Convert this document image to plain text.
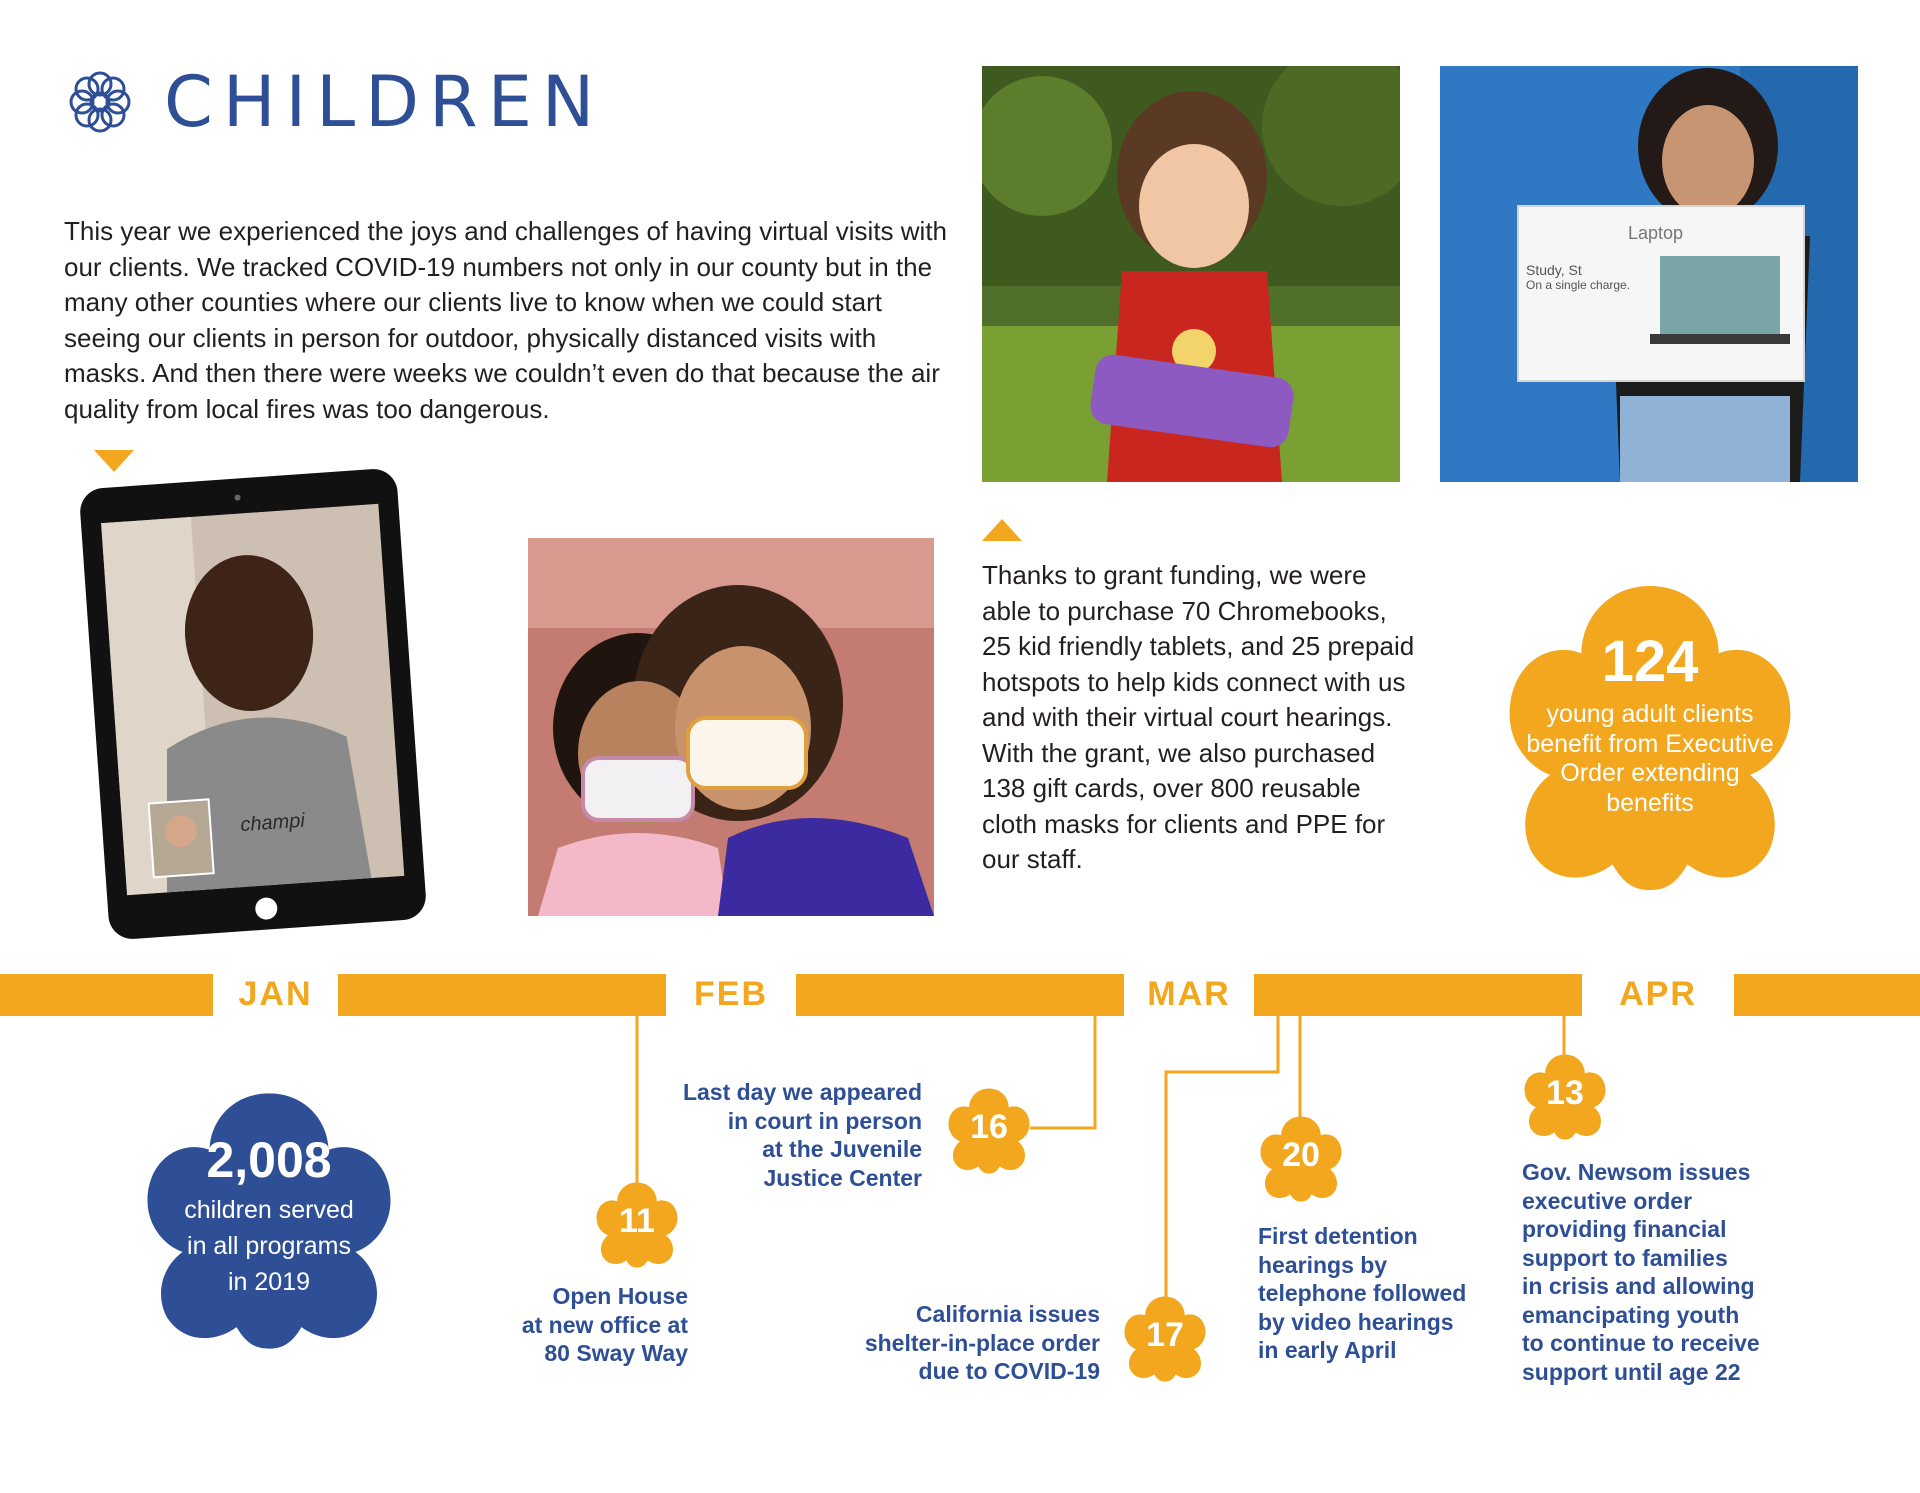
CHILDREN

This year we experienced the joys and challenges of having virtual visits with our clients. We tracked COVID-19 numbers not only in our county but in the many other counties where our clients live to know when we could start seeing our clients in person for outdoor, physically distanced visits with masks. And then there were weeks we couldn’t even do that because the air quality from local fires was too dangerous.

Laptop
Study, St
On a single charge.
champi

Thanks to grant funding, we were able to purchase 70 Chromebooks, 25 kid friendly tablets, and 25 prepaid hotspots to help kids connect with us and with their virtual court hearings. With the grant, we also purchased 138 gift cards, over 800 reusable cloth masks for clients and PPE for our staff.

124
young adult clients benefit from Executive Order extending benefits
JAN	FEB	MAR	APR
11
16
17
20
13

Open House
at new office at
80 Sway Way

Last day we appeared
in court in person
at the Juvenile
Justice Center

California issues
shelter-in-place order
due to COVID-19

First detention
hearings by
telephone followed
by video hearings
in early April

Gov. Newsom issues
executive order
providing financial
support to families
in crisis and allowing
emancipating youth
to continue to receive
support until age 22

2,008
children served
in all programs
in 2019
